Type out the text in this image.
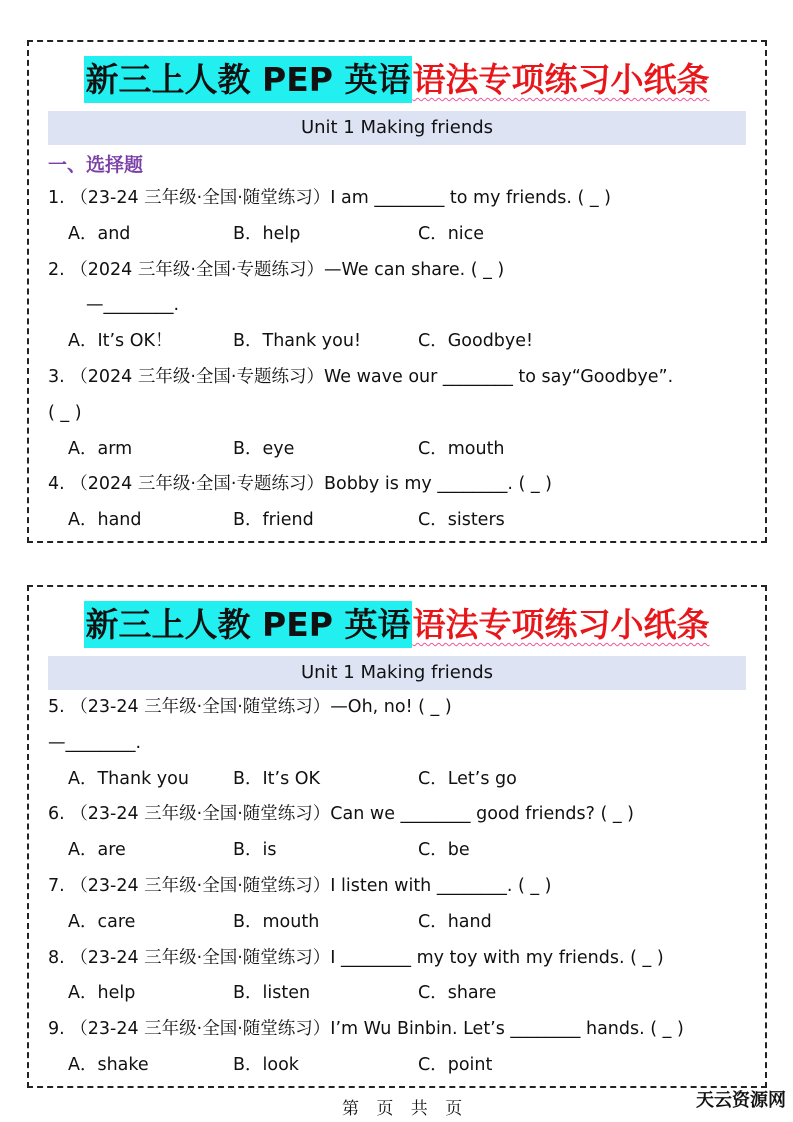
新三上人教 PEP 英语语法专项练习小纸条
Unit 1 Making friends
一、选择题
1. （23-24 三年级·全国·随堂练习）I am ________ to my friends. ( _ )
A．and	B．help	C．nice
2. （2024 三年级·全国·专题练习）—We can share. ( _ )
—________.
A．It’s OK！	B．Thank you!	C．Goodbye!
3. （2024 三年级·全国·专题练习）We wave our ________ to say“Goodbye”.
( _ )
A．arm	B．eye	C．mouth
4. （2024 三年级·全国·专题练习）Bobby is my ________. ( _ )
A．hand	B．friend	C．sisters
新三上人教 PEP 英语语法专项练习小纸条
Unit 1 Making friends
5. （23-24 三年级·全国·随堂练习）—Oh, no! ( _ )
—________.
A．Thank you	B．It’s OK	C．Let’s go
6. （23-24 三年级·全国·随堂练习）Can we ________ good friends? ( _ )
A．are	B．is	C．be
7. （23-24 三年级·全国·随堂练习）I listen with ________. ( _ )
A．care	B．mouth	C．hand
8. （23-24 三年级·全国·随堂练习）I ________ my toy with my friends. ( _ )
A．help	B．listen	C．share
9. （23-24 三年级·全国·随堂练习）I’m Wu Binbin. Let’s ________ hands. ( _ )
A．shake	B．look	C．point
第 页 共 页	天云资源网
